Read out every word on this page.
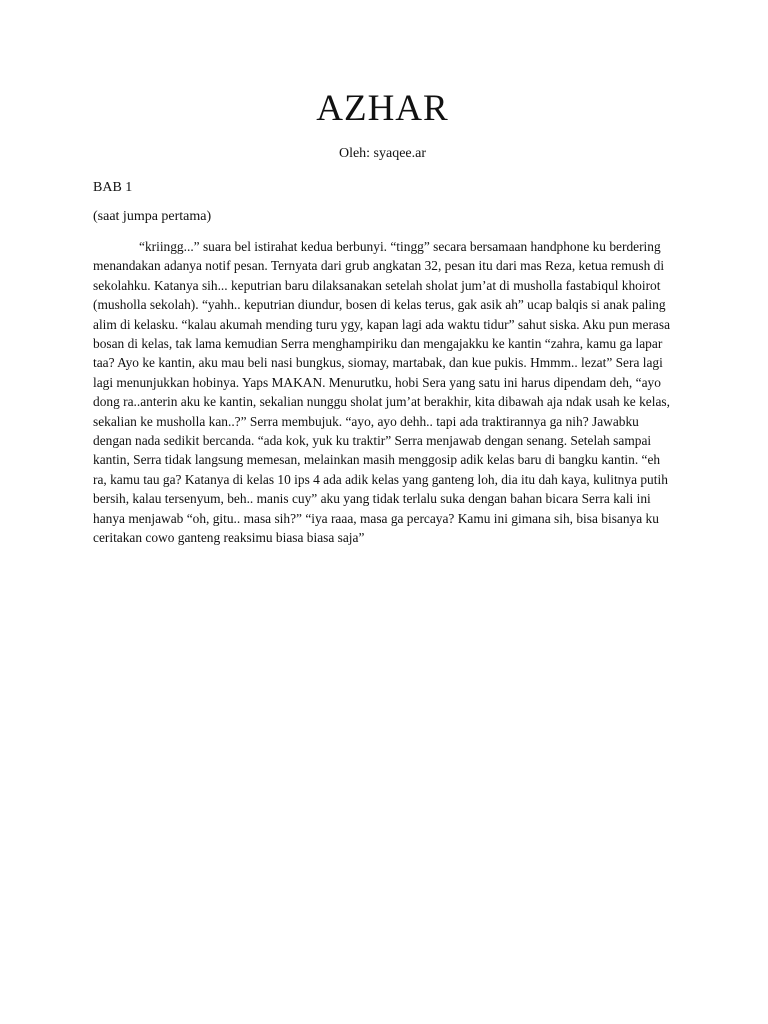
AZHAR

Oleh: syaqee.ar

BAB 1

(saat jumpa pertama)

“kriingg...” suara bel istirahat kedua berbunyi. “tingg” secara bersamaan handphone ku berdering menandakan adanya notif pesan. Ternyata dari grub angkatan 32, pesan itu dari mas Reza, ketua remush di sekolahku. Katanya sih... keputrian baru dilaksanakan setelah sholat jum’at di musholla fastabiqul khoirot (musholla sekolah). “yahh.. keputrian diundur, bosen di kelas terus, gak asik ah” ucap balqis si anak paling alim di kelasku. “kalau akumah mending turu ygy, kapan lagi ada waktu tidur” sahut siska. Aku pun merasa bosan di kelas, tak lama kemudian Serra menghampiriku dan mengajakku ke kantin “zahra, kamu ga lapar taa? Ayo ke kantin, aku mau beli nasi bungkus, siomay, martabak, dan kue pukis. Hmmm.. lezat” Sera lagi lagi menunjukkan hobinya. Yaps MAKAN. Menurutku, hobi Sera yang satu ini harus dipendam deh, “ayo dong ra..anterin aku ke kantin, sekalian nunggu sholat jum’at berakhir, kita dibawah aja ndak usah ke kelas, sekalian ke musholla kan..?” Serra membujuk. “ayo, ayo dehh.. tapi ada traktirannya ga nih? Jawabku dengan nada sedikit bercanda. “ada kok, yuk ku traktir” Serra menjawab dengan senang. Setelah sampai kantin, Serra tidak langsung memesan, melainkan masih menggosip adik kelas baru di bangku kantin. “eh ra, kamu tau ga? Katanya di kelas 10 ips 4 ada adik kelas yang ganteng loh, dia itu dah kaya, kulitnya putih bersih, kalau tersenyum, beh.. manis cuy” aku yang tidak terlalu suka dengan bahan bicara Serra kali ini hanya menjawab “oh, gitu.. masa sih?” “iya raaa, masa ga percaya? Kamu ini gimana sih, bisa bisanya ku ceritakan cowo ganteng reaksimu biasa biasa saja”
